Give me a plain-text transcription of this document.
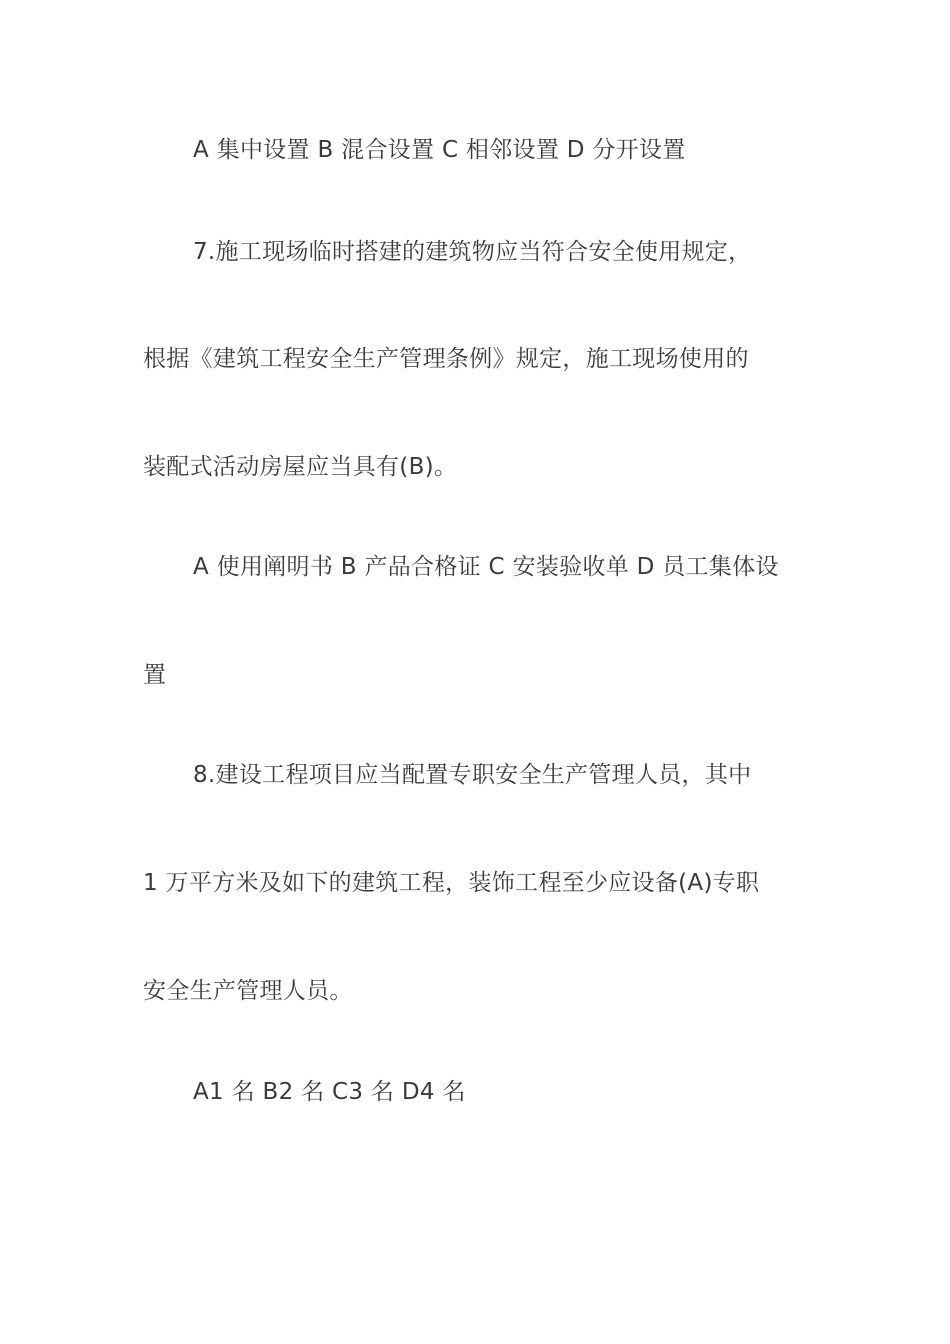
A 集中设置 B 混合设置 C 相邻设置 D 分开设置
7.施工现场临时搭建的建筑物应当符合安全使用规定，
根据《建筑工程安全生产管理条例》规定，施工现场使用的
装配式活动房屋应当具有(B)。
A 使用阐明书 B 产品合格证 C 安装验收单 D 员工集体设
置
8.建设工程项目应当配置专职安全生产管理人员，其中
1 万平方米及如下的建筑工程，装饰工程至少应设备(A)专职
安全生产管理人员。
A1 名 B2 名 C3 名 D4 名
